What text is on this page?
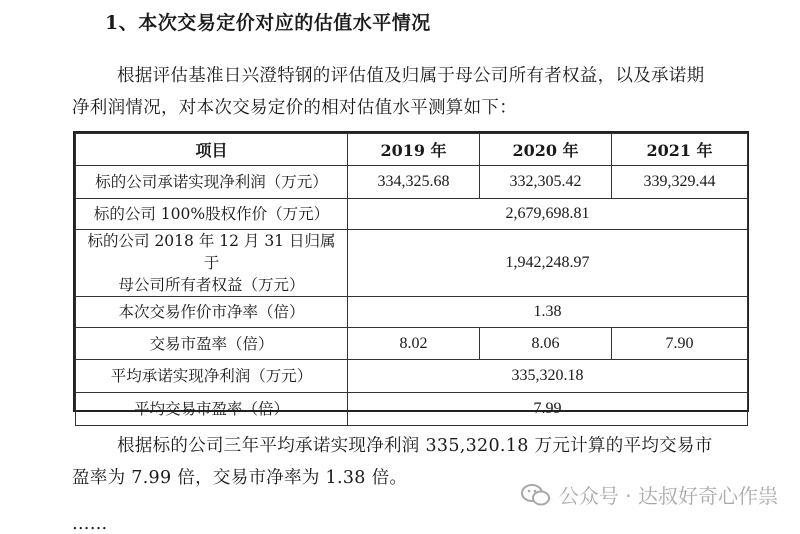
1、本次交易定价对应的估值水平情况
根据评估基准日兴澄特钢的评估值及归属于母公司所有者权益，以及承诺期
净利润情况，对本次交易定价的相对估值水平测算如下：
项目	2019 年	2020 年	2021 年
标的公司承诺实现净利润（万元）	334,325.68	332,305.42	339,329.44
标的公司 100%股权作价（万元）	2,679,698.81		

标的公司 2018 年 12 月 31 日归属于
母公司所有者权益（万元）	1,942,248.97		
本次交易作价市净率（倍）	1.38		
交易市盈率（倍）	8.02	8.06	7.90
平均承诺实现净利润（万元）	335,320.18		
平均交易市盈率（倍）	7.99		
根据标的公司三年平均承诺实现净利润 335,320.18 万元计算的平均交易市
盈率为 7.99 倍，交易市净率为 1.38 倍。
公众号 · 达叔好奇心作祟
……
